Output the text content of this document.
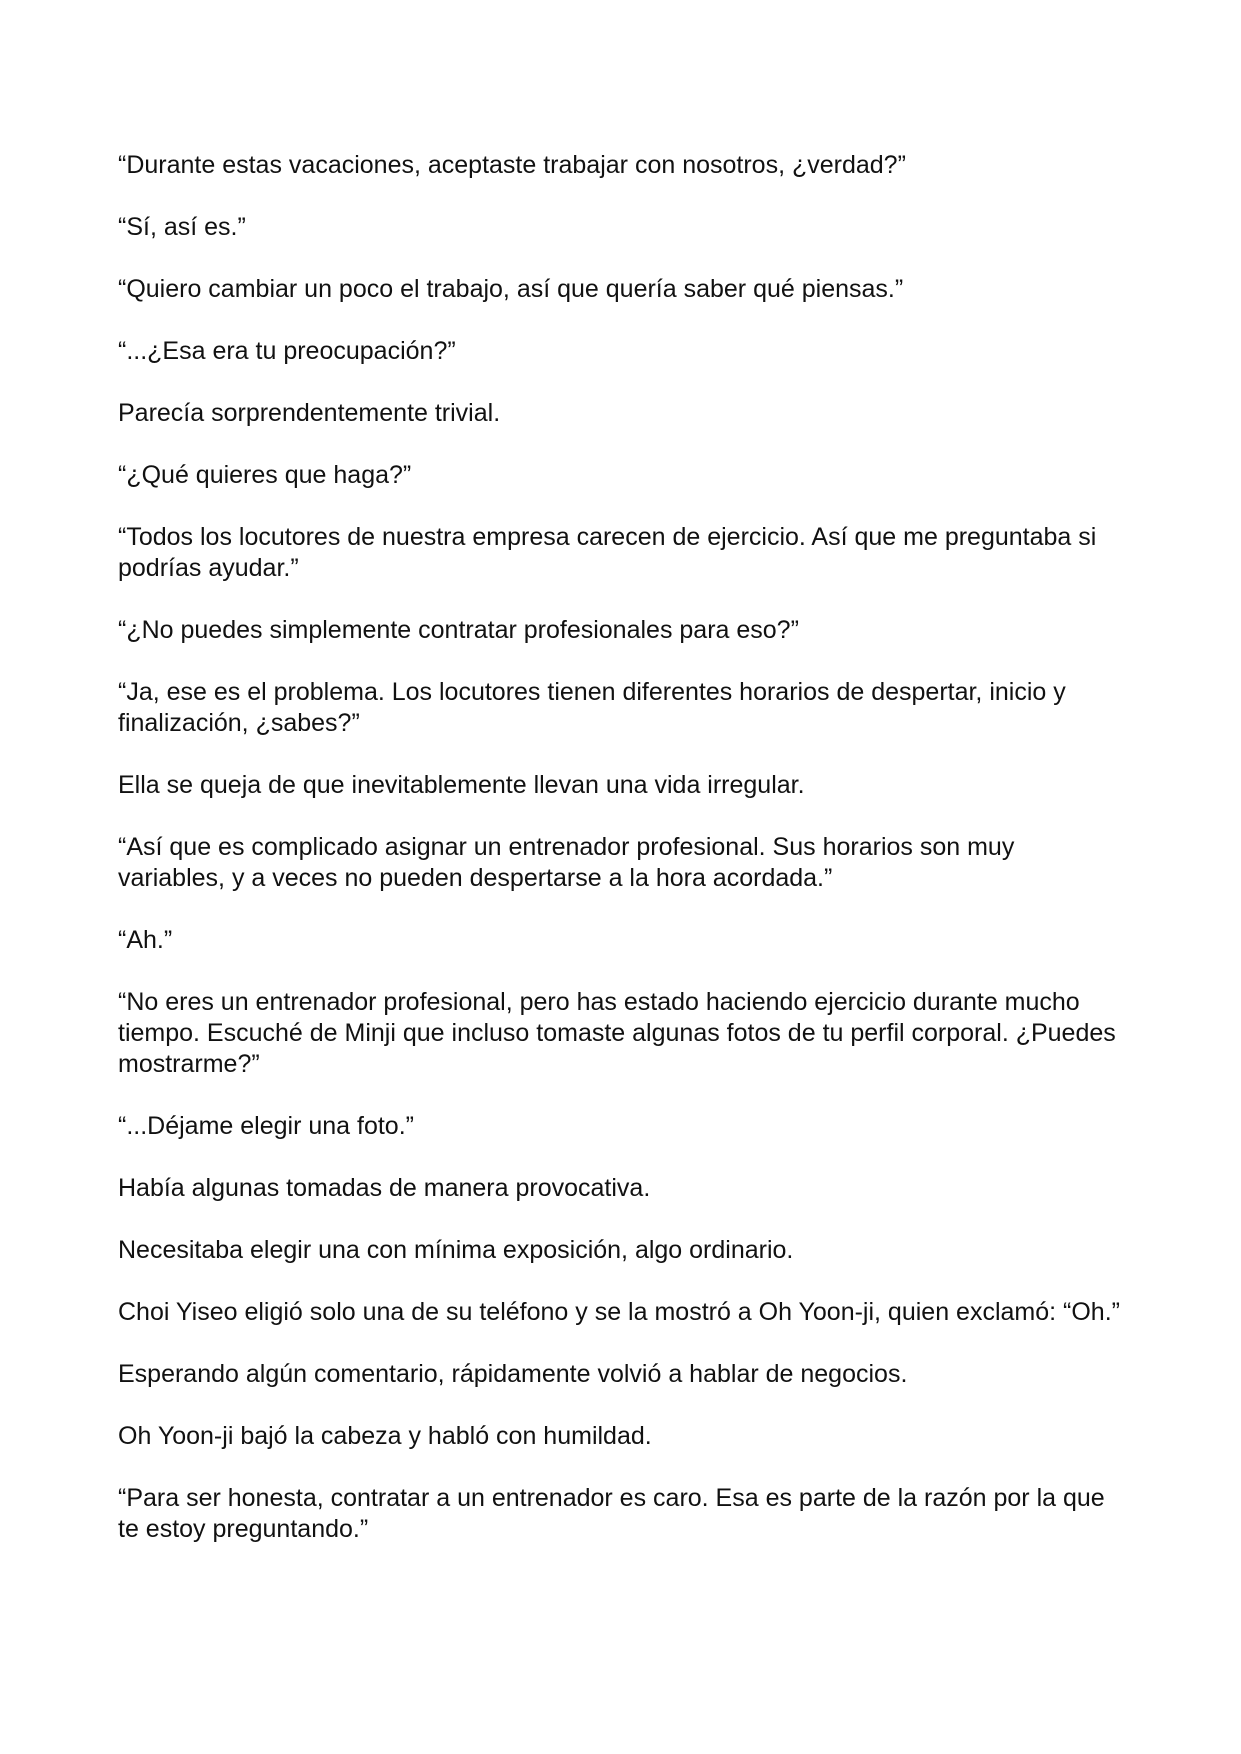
“Durante estas vacaciones, aceptaste trabajar con nosotros, ¿verdad?”

“Sí, así es.”

“Quiero cambiar un poco el trabajo, así que quería saber qué piensas.”

“...¿Esa era tu preocupación?”

Parecía sorprendentemente trivial.

“¿Qué quieres que haga?”

“Todos los locutores de nuestra empresa carecen de ejercicio. Así que me preguntaba si podrías ayudar.”

“¿No puedes simplemente contratar profesionales para eso?”

“Ja, ese es el problema. Los locutores tienen diferentes horarios de despertar, inicio y finalización, ¿sabes?”

Ella se queja de que inevitablemente llevan una vida irregular.

“Así que es complicado asignar un entrenador profesional. Sus horarios son muy variables, y a veces no pueden despertarse a la hora acordada.”

“Ah.”

“No eres un entrenador profesional, pero has estado haciendo ejercicio durante mucho tiempo. Escuché de Minji que incluso tomaste algunas fotos de tu perfil corporal. ¿Puedes mostrarme?”

“...Déjame elegir una foto.”

Había algunas tomadas de manera provocativa.

Necesitaba elegir una con mínima exposición, algo ordinario.

Choi Yiseo eligió solo una de su teléfono y se la mostró a Oh Yoon-ji, quien exclamó: “Oh.”

Esperando algún comentario, rápidamente volvió a hablar de negocios.

Oh Yoon-ji bajó la cabeza y habló con humildad.

“Para ser honesta, contratar a un entrenador es caro. Esa es parte de la razón por la que te estoy preguntando.”
